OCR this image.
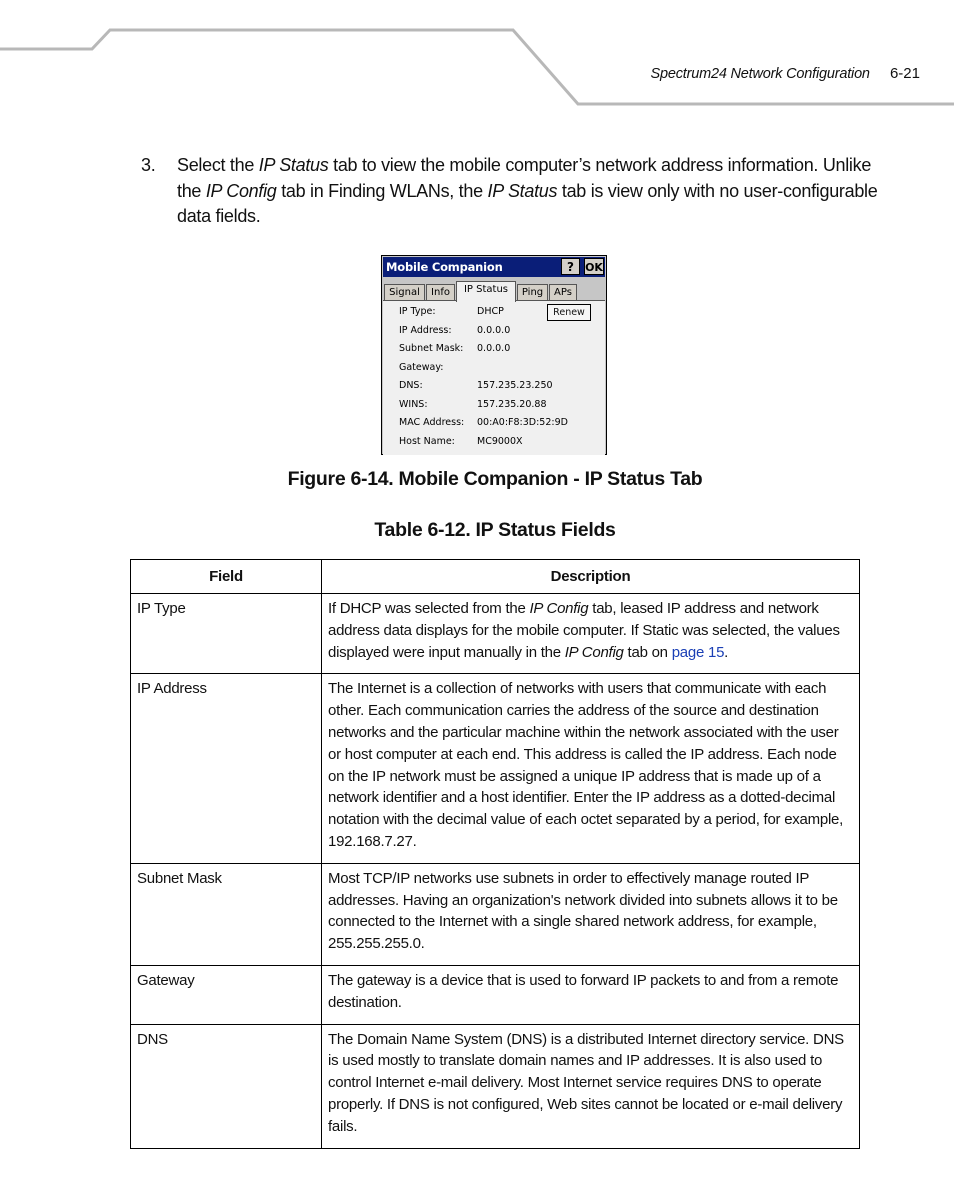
Spectrum24 Network Configuration 6-21
3. Select the IP Status tab to view the mobile computer’s network address information. Unlike the IP Config tab in Finding WLANs, the IP Status tab is view only with no user-configurable data fields.
Mobile Companion	?	OK
Signal	Info	IP Status	Ping	APs
Renew
IP Type:	DHCP
IP Address:	0.0.0.0
Subnet Mask: 0.0.0.0
Gateway:
DNS:	157.235.23.250
WINS:	157.235.20.88
MAC Address: 00:A0:F8:3D:52:9D
Host Name: MC9000X
Figure 6-14. Mobile Companion - IP Status Tab
Table 6-12. IP Status Fields
Field	Description
IP Type	If DHCP was selected from the IP Config tab, leased IP address and network address data displays for the mobile computer. If Static was selected, the values displayed were input manually in the IP Config tab on page 15.
IP Address	The Internet is a collection of networks with users that communicate with each other. Each communication carries the address of the source and destination networks and the particular machine within the network associated with the user or host computer at each end. This address is called the IP address. Each node on the IP network must be assigned a unique IP address that is made up of a network identifier and a host identifier. Enter the IP address as a dotted-decimal notation with the decimal value of each octet separated by a period, for example, 192.168.7.27.
Subnet Mask	Most TCP/IP networks use subnets in order to effectively manage routed IP addresses. Having an organization's network divided into subnets allows it to be connected to the Internet with a single shared network address, for example, 255.255.255.0.
Gateway	The gateway is a device that is used to forward IP packets to and from a remote destination.
DNS	The Domain Name System (DNS) is a distributed Internet directory service. DNS is used mostly to translate domain names and IP addresses. It is also used to control Internet e-mail delivery. Most Internet service requires DNS to operate properly. If DNS is not configured, Web sites cannot be located or e-mail delivery fails.
